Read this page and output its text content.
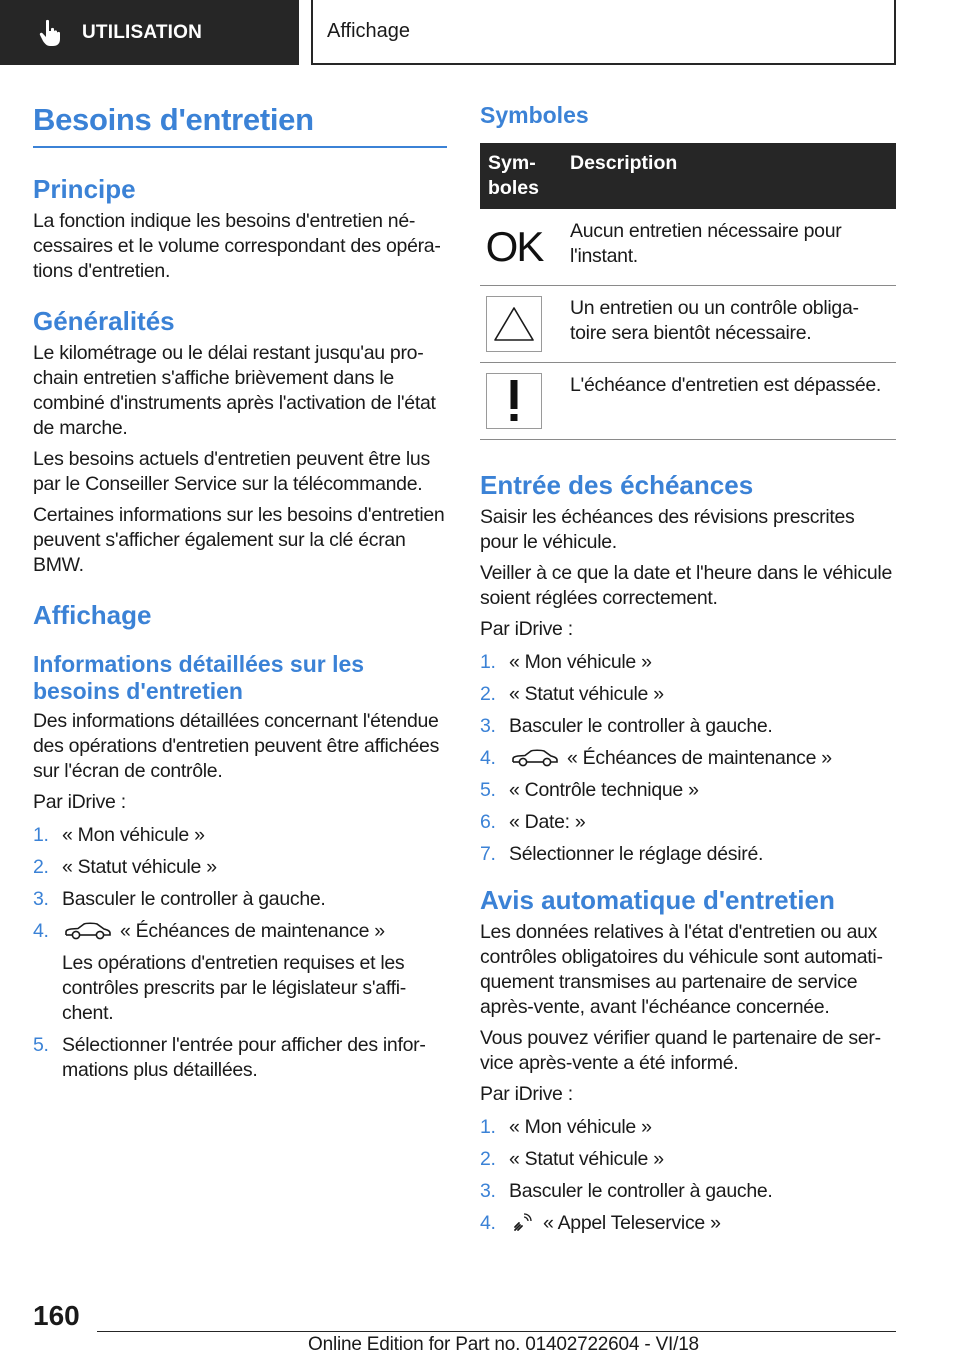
UTILISATION	Affichage
Besoins d'entretien
Principe

La fonction indique les besoins d'entretien nécessaires et le volume correspondant des opérations d'entretien.

Généralités

Le kilométrage ou le délai restant jusqu'au prochain entretien s'affiche brièvement dans le combiné d'instruments après l'activation de l'état de marche.

Les besoins actuels d'entretien peuvent être lus par le Conseiller Service sur la télécommande.

Certaines informations sur les besoins d'entretien peuvent s'afficher également sur la clé écran BMW.

Affichage
Informations détaillées sur les besoins d'entretien

Des informations détaillées concernant l'étendue des opérations d'entretien peuvent être affichées sur l'écran de contrôle.

Par iDrive :

1. « Mon véhicule »
2. « Statut véhicule »
3. Basculer le controller à gauche.
4.	« Échéances de maintenance »
Les opérations d'entretien requises et les contrôles prescrits par le législateur s'affichent.
5. Sélectionner l'entrée pour afficher des informations plus détaillées.
Symboles
Symboles	Description

OK	Aucun entretien nécessaire pour l'instant.

	Un entretien ou un contrôle obligatoire sera bientôt nécessaire.

	L'échéance d'entretien est dépassée.
Entrée des échéances

Saisir les échéances des révisions prescrites pour le véhicule.

Veiller à ce que la date et l'heure dans le véhicule soient réglées correctement.

Par iDrive :

1. « Mon véhicule »
2. « Statut véhicule »
3. Basculer le controller à gauche.
4.	« Échéances de maintenance »
5. « Contrôle technique »
6. « Date: »
7. Sélectionner le réglage désiré.
Avis automatique d'entretien

Les données relatives à l'état d'entretien ou aux contrôles obligatoires du véhicule sont automatiquement transmises au partenaire de service après-vente, avant l'échéance concernée.

Vous pouvez vérifier quand le partenaire de service après-vente a été informé.

Par iDrive :

1. « Mon véhicule »
2. « Statut véhicule »
3. Basculer le controller à gauche.
4.	« Appel Teleservice »
160
Online Edition for Part no. 01402722604 - VI/18
